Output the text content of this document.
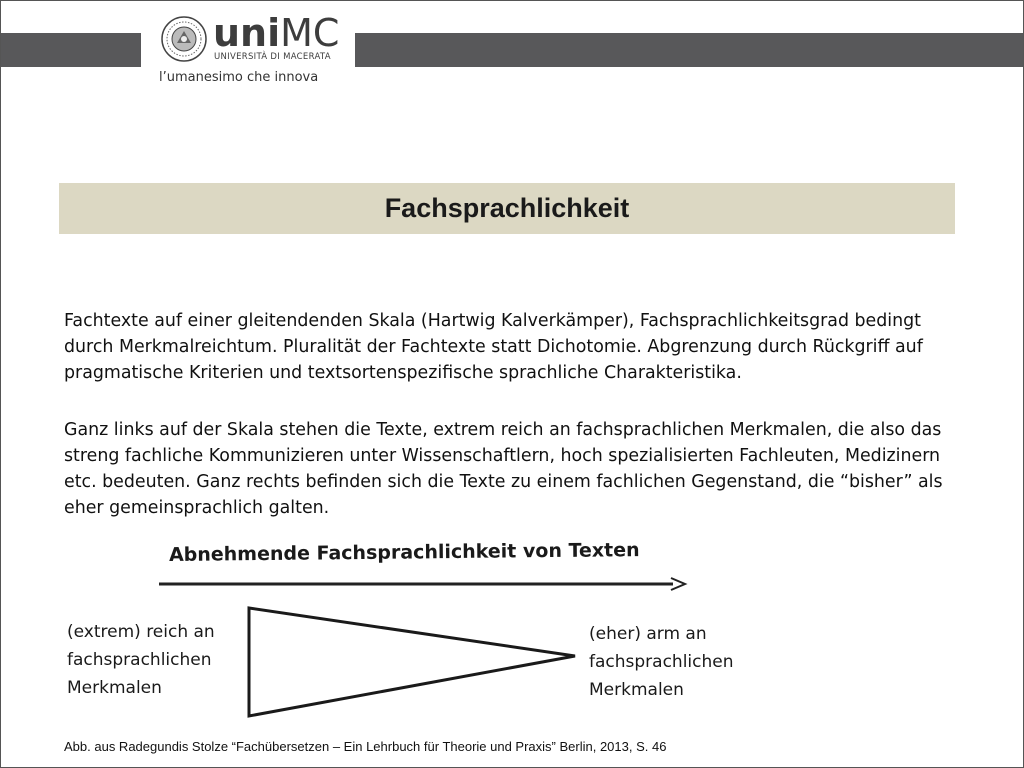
uniMC
UNIVERSITÀ DI MACERATA
l’umanesimo che innova
Fachsprachlichkeit

Fachtexte auf einer gleitendenden Skala (Hartwig Kalverkämper), Fachsprachlichkeitsgrad bedingt durch Merkmalreichtum. Pluralität der Fachtexte statt Dichotomie. Abgrenzung durch Rückgriff auf pragmatische Kriterien und textsortenspezifische sprachliche Charakteristika.

Ganz links auf der Skala stehen die Texte, extrem reich an fachsprachlichen Merkmalen, die also das streng fachliche Kommunizieren unter Wissenschaftlern, hoch spezialisierten Fachleuten, Medizinern etc. bedeuten. Ganz rechts befinden sich die Texte zu einem fachlichen Gegenstand, die “bisher” als eher gemeinsprachlich galten.

Abnehmende Fachsprachlichkeit von Texten
(extrem) reich an
fachsprachlichen
Merkmalen
(eher) arm an
fachsprachlichen
Merkmalen
Abb. aus Radegundis Stolze “Fachübersetzen – Ein Lehrbuch für Theorie und Praxis” Berlin, 2013, S. 46
